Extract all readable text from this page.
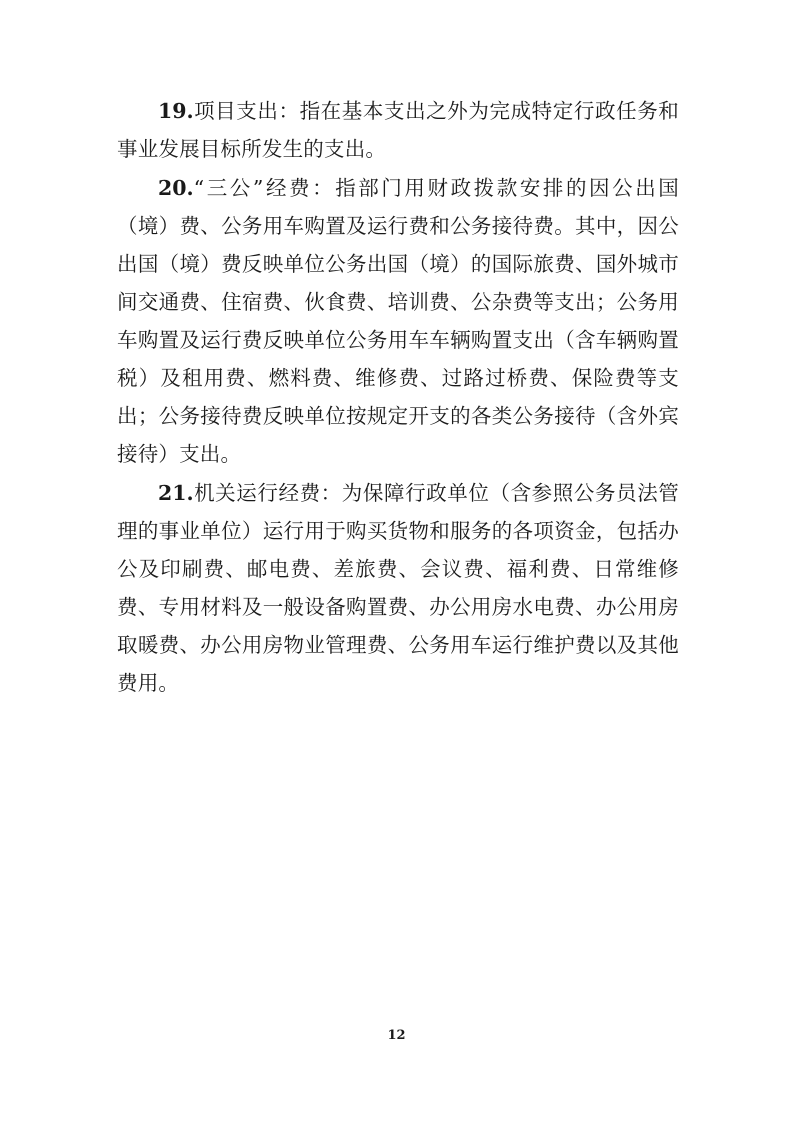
19.项目支出：指在基本支出之外为完成特定行政任务和事业发展目标所发生的支出。

20.“三公”经费：指部门用财政拨款安排的因公出国（境）费、公务用车购置及运行费和公务接待费。其中，因公出国（境）费反映单位公务出国（境）的国际旅费、国外城市间交通费、住宿费、伙食费、培训费、公杂费等支出；公务用车购置及运行费反映单位公务用车车辆购置支出（含车辆购置税）及租用费、燃料费、维修费、过路过桥费、保险费等支出；公务接待费反映单位按规定开支的各类公务接待（含外宾接待）支出。

21.机关运行经费：为保障行政单位（含参照公务员法管理的事业单位）运行用于购买货物和服务的各项资金，包括办公及印刷费、邮电费、差旅费、会议费、福利费、日常维修费、专用材料及一般设备购置费、办公用房水电费、办公用房取暖费、办公用房物业管理费、公务用车运行维护费以及其他费用。

12
